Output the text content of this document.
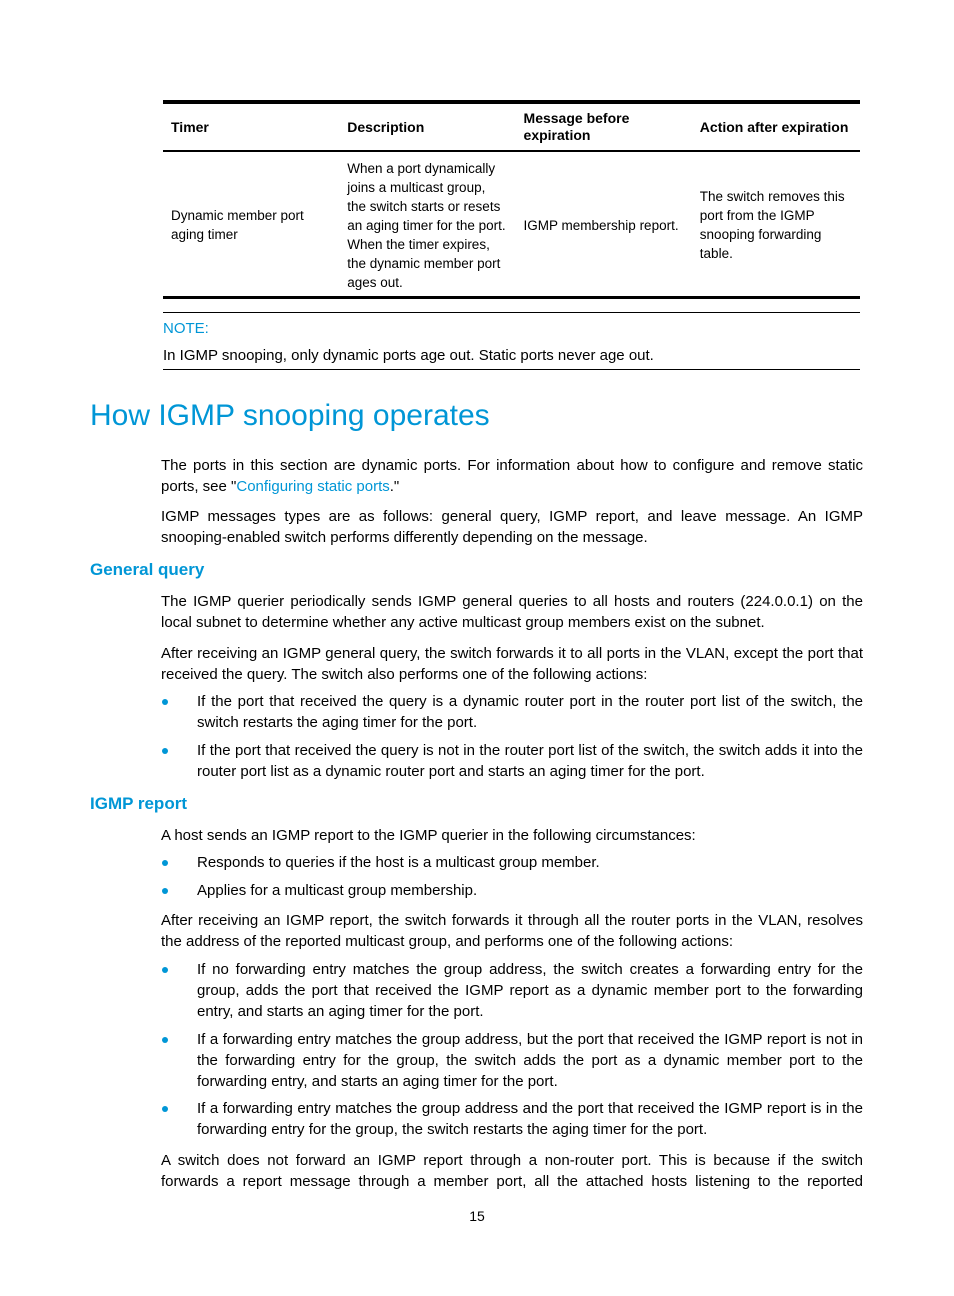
Timer	Description	Message before expiration	Action after expiration
Dynamic member port aging timer	When a port dynamically joins a multicast group, the switch starts or resets an aging timer for the port. When the timer expires, the dynamic member port ages out.	IGMP membership report.	The switch removes this port from the IGMP snooping forwarding table.
NOTE:
In IGMP snooping, only dynamic ports age out. Static ports never age out.
How IGMP snooping operates

The ports in this section are dynamic ports. For information about how to configure and remove static ports, see "Configuring static ports."

IGMP messages types are as follows: general query, IGMP report, and leave message. An IGMP snooping-enabled switch performs differently depending on the message.

General query

The IGMP querier periodically sends IGMP general queries to all hosts and routers (224.0.0.1) on the local subnet to determine whether any active multicast group members exist on the subnet.

After receiving an IGMP general query, the switch forwards it to all ports in the VLAN, except the port that received the query. The switch also performs one of the following actions:

If the port that received the query is a dynamic router port in the router port list of the switch, the switch restarts the aging timer for the port.

If the port that received the query is not in the router port list of the switch, the switch adds it into the router port list as a dynamic router port and starts an aging timer for the port.

IGMP report

A host sends an IGMP report to the IGMP querier in the following circumstances:

Responds to queries if the host is a multicast group member.

Applies for a multicast group membership.

After receiving an IGMP report, the switch forwards it through all the router ports in the VLAN, resolves the address of the reported multicast group, and performs one of the following actions:

If no forwarding entry matches the group address, the switch creates a forwarding entry for the group, adds the port that received the IGMP report as a dynamic member port to the forwarding entry, and starts an aging timer for the port.

If a forwarding entry matches the group address, but the port that received the IGMP report is not in the forwarding entry for the group, the switch adds the port as a dynamic member port to the forwarding entry, and starts an aging timer for the port.

If a forwarding entry matches the group address and the port that received the IGMP report is in the forwarding entry for the group, the switch restarts the aging timer for the port.

A switch does not forward an IGMP report through a non-router port. This is because if the switch forwards a report message through a member port, all the attached hosts listening to the reported

15
